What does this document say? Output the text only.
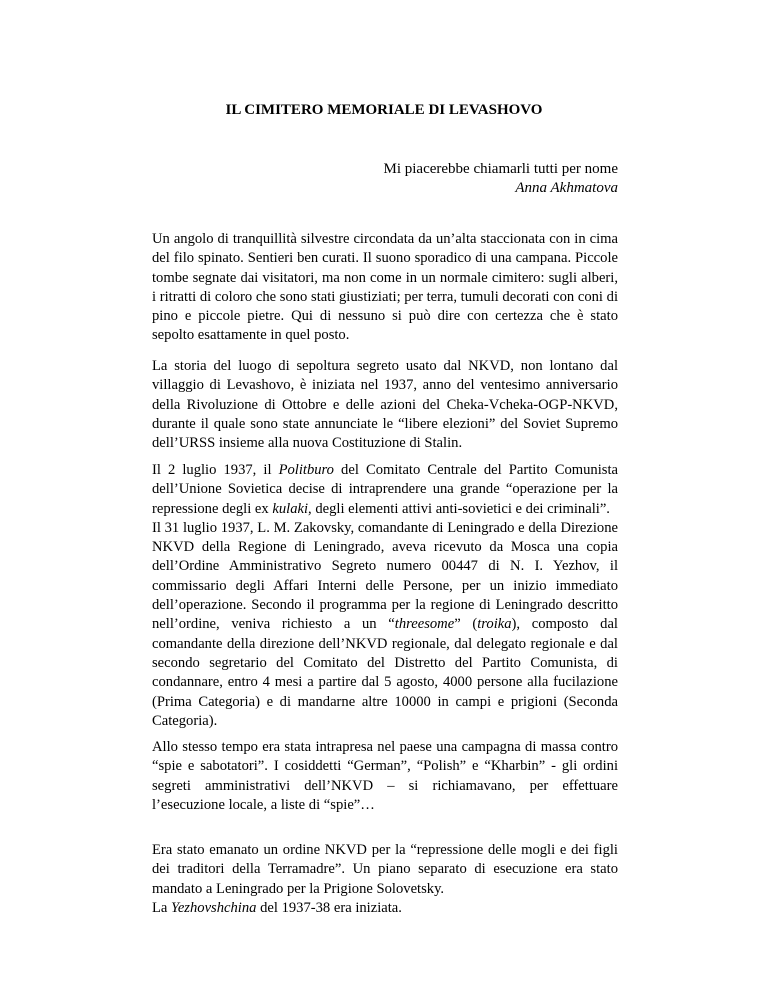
IL CIMITERO MEMORIALE DI LEVASHOVO
Mi piacerebbe chiamarli tutti per nome
Anna Akhmatova

Un angolo di tranquillità silvestre circondata da un’alta staccionata con in cima del filo spinato. Sentieri ben curati. Il suono sporadico di una campana. Piccole tombe segnate dai visitatori, ma non come in un normale cimitero: sugli alberi, i ritratti di coloro che sono stati giustiziati; per terra, tumuli decorati con coni di pino e piccole pietre. Qui di nessuno si può dire con certezza che è stato sepolto esattamente in quel posto.

La storia del luogo di sepoltura segreto usato dal NKVD, non lontano dal villaggio di Levashovo, è iniziata nel 1937, anno del ventesimo anniversario della Rivoluzione di Ottobre e delle azioni del Cheka-Vcheka-OGP-NKVD, durante il quale sono state annunciate le “libere elezioni” del Soviet Supremo dell’URSS insieme alla nuova Costituzione di Stalin.

Il 2 luglio 1937, il Politburo del Comitato Centrale del Partito Comunista dell’Unione Sovietica decise di intraprendere una grande “operazione per la repressione degli ex kulaki, degli elementi attivi anti-sovietici e dei criminali”.

Il 31 luglio 1937, L. M. Zakovsky, comandante di Leningrado e della Direzione NKVD della Regione di Leningrado, aveva ricevuto da Mosca una copia dell’Ordine Amministrativo Segreto numero 00447 di N. I. Yezhov, il commissario degli Affari Interni delle Persone, per un inizio immediato dell’operazione. Secondo il programma per la regione di Leningrado descritto nell’ordine, veniva richiesto a un “threesome” (troika), composto dal comandante della direzione dell’NKVD regionale, dal delegato regionale e dal secondo segretario del Comitato del Distretto del Partito Comunista, di condannare, entro 4 mesi a partire dal 5 agosto, 4000 persone alla fucilazione (Prima Categoria) e di mandarne altre 10000 in campi e prigioni (Seconda Categoria).

Allo stesso tempo era stata intrapresa nel paese una campagna di massa contro “spie e sabotatori”. I cosiddetti “German”, “Polish” e “Kharbin” - gli ordini segreti amministrativi dell’NKVD – si richiamavano, per effettuare l’esecuzione locale, a liste di “spie”…

Era stato emanato un ordine NKVD per la “repressione delle mogli e dei figli dei traditori della Terramadre”. Un piano separato di esecuzione era stato mandato a Leningrado per la Prigione Solovetsky.

La Yezhovshchina del 1937-38 era iniziata.
